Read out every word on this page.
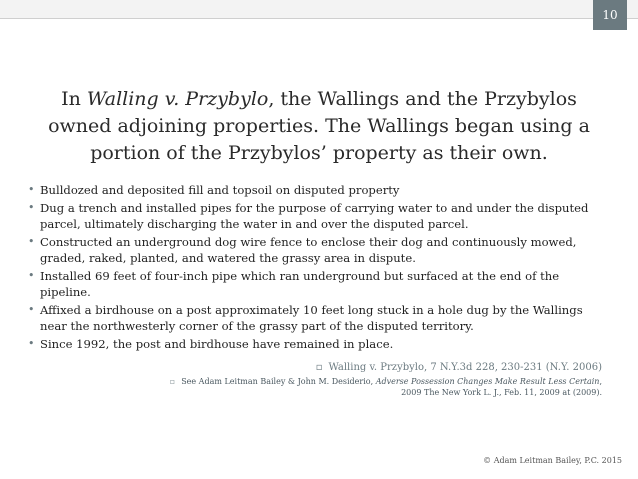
10
In Walling v. Przybylo, the Wallings and the Przybylos owned adjoining properties. The Wallings began using a portion of the Przybylos’ property as their own.
• Bulldozed and deposited fill and topsoil on disputed property
• Dug a trench and installed pipes for the purpose of carrying water to and under the disputed parcel, ultimately discharging the water in and over the disputed parcel.
• Constructed an underground dog wire fence to enclose their dog and continuously mowed, graded, raked, planted, and watered the grassy area in dispute.
• Installed 69 feet of four-inch pipe which ran underground but surfaced at the end of the pipeline.
• Affixed a birdhouse on a post approximately 10 feet long stuck in a hole dug by the Wallings near the northwesterly corner of the grassy part of the disputed territory.
• Since 1992, the post and birdhouse have remained in place.
▫ Walling v. Przybylo, 7 N.Y.3d 228, 230-231 (N.Y. 2006)
▫ See Adam Leitman Bailey & John M. Desiderio, Adverse Possession Changes Make Result Less Certain, 2009 The New York L. J., Feb. 11, 2009 at (2009).
© Adam Leitman Bailey, P.C. 2015
